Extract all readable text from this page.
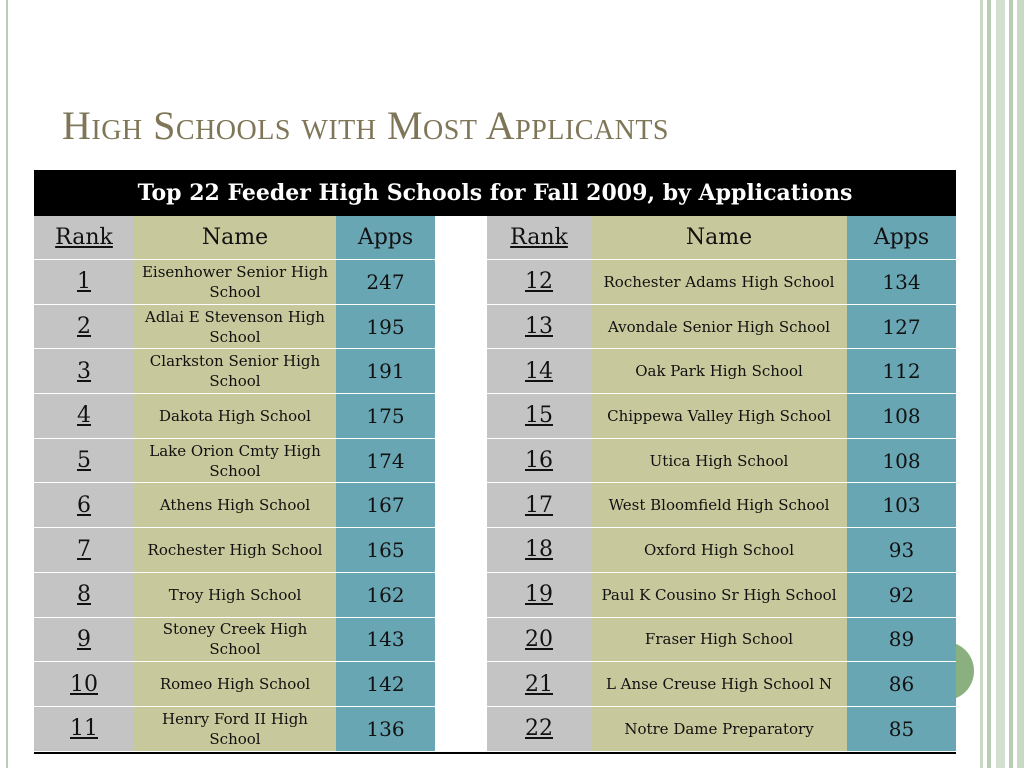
High Schools with Most Applicants
Top 22 Feeder High Schools for Fall 2009, by Applications
Rank	Name	Apps	Rank	Name	Apps
1	Eisenhower Senior High School	247	12	Rochester Adams High School	134
2	Adlai E Stevenson High School	195	13	Avondale Senior High School	127
3	Clarkston Senior High School	191	14	Oak Park High School	112
4	Dakota High School	175	15	Chippewa Valley High School	108
5	Lake Orion Cmty High School	174	16	Utica High School	108
6	Athens High School	167	17	West Bloomfield High School	103
7	Rochester High School	165	18	Oxford High School	93
8	Troy High School	162	19	Paul K Cousino Sr High School	92
9	Stoney Creek High School	143	20	Fraser High School	89
10	Romeo High School	142	21	L Anse Creuse High School N	86
11	Henry Ford II High School	136	22	Notre Dame Preparatory	85
